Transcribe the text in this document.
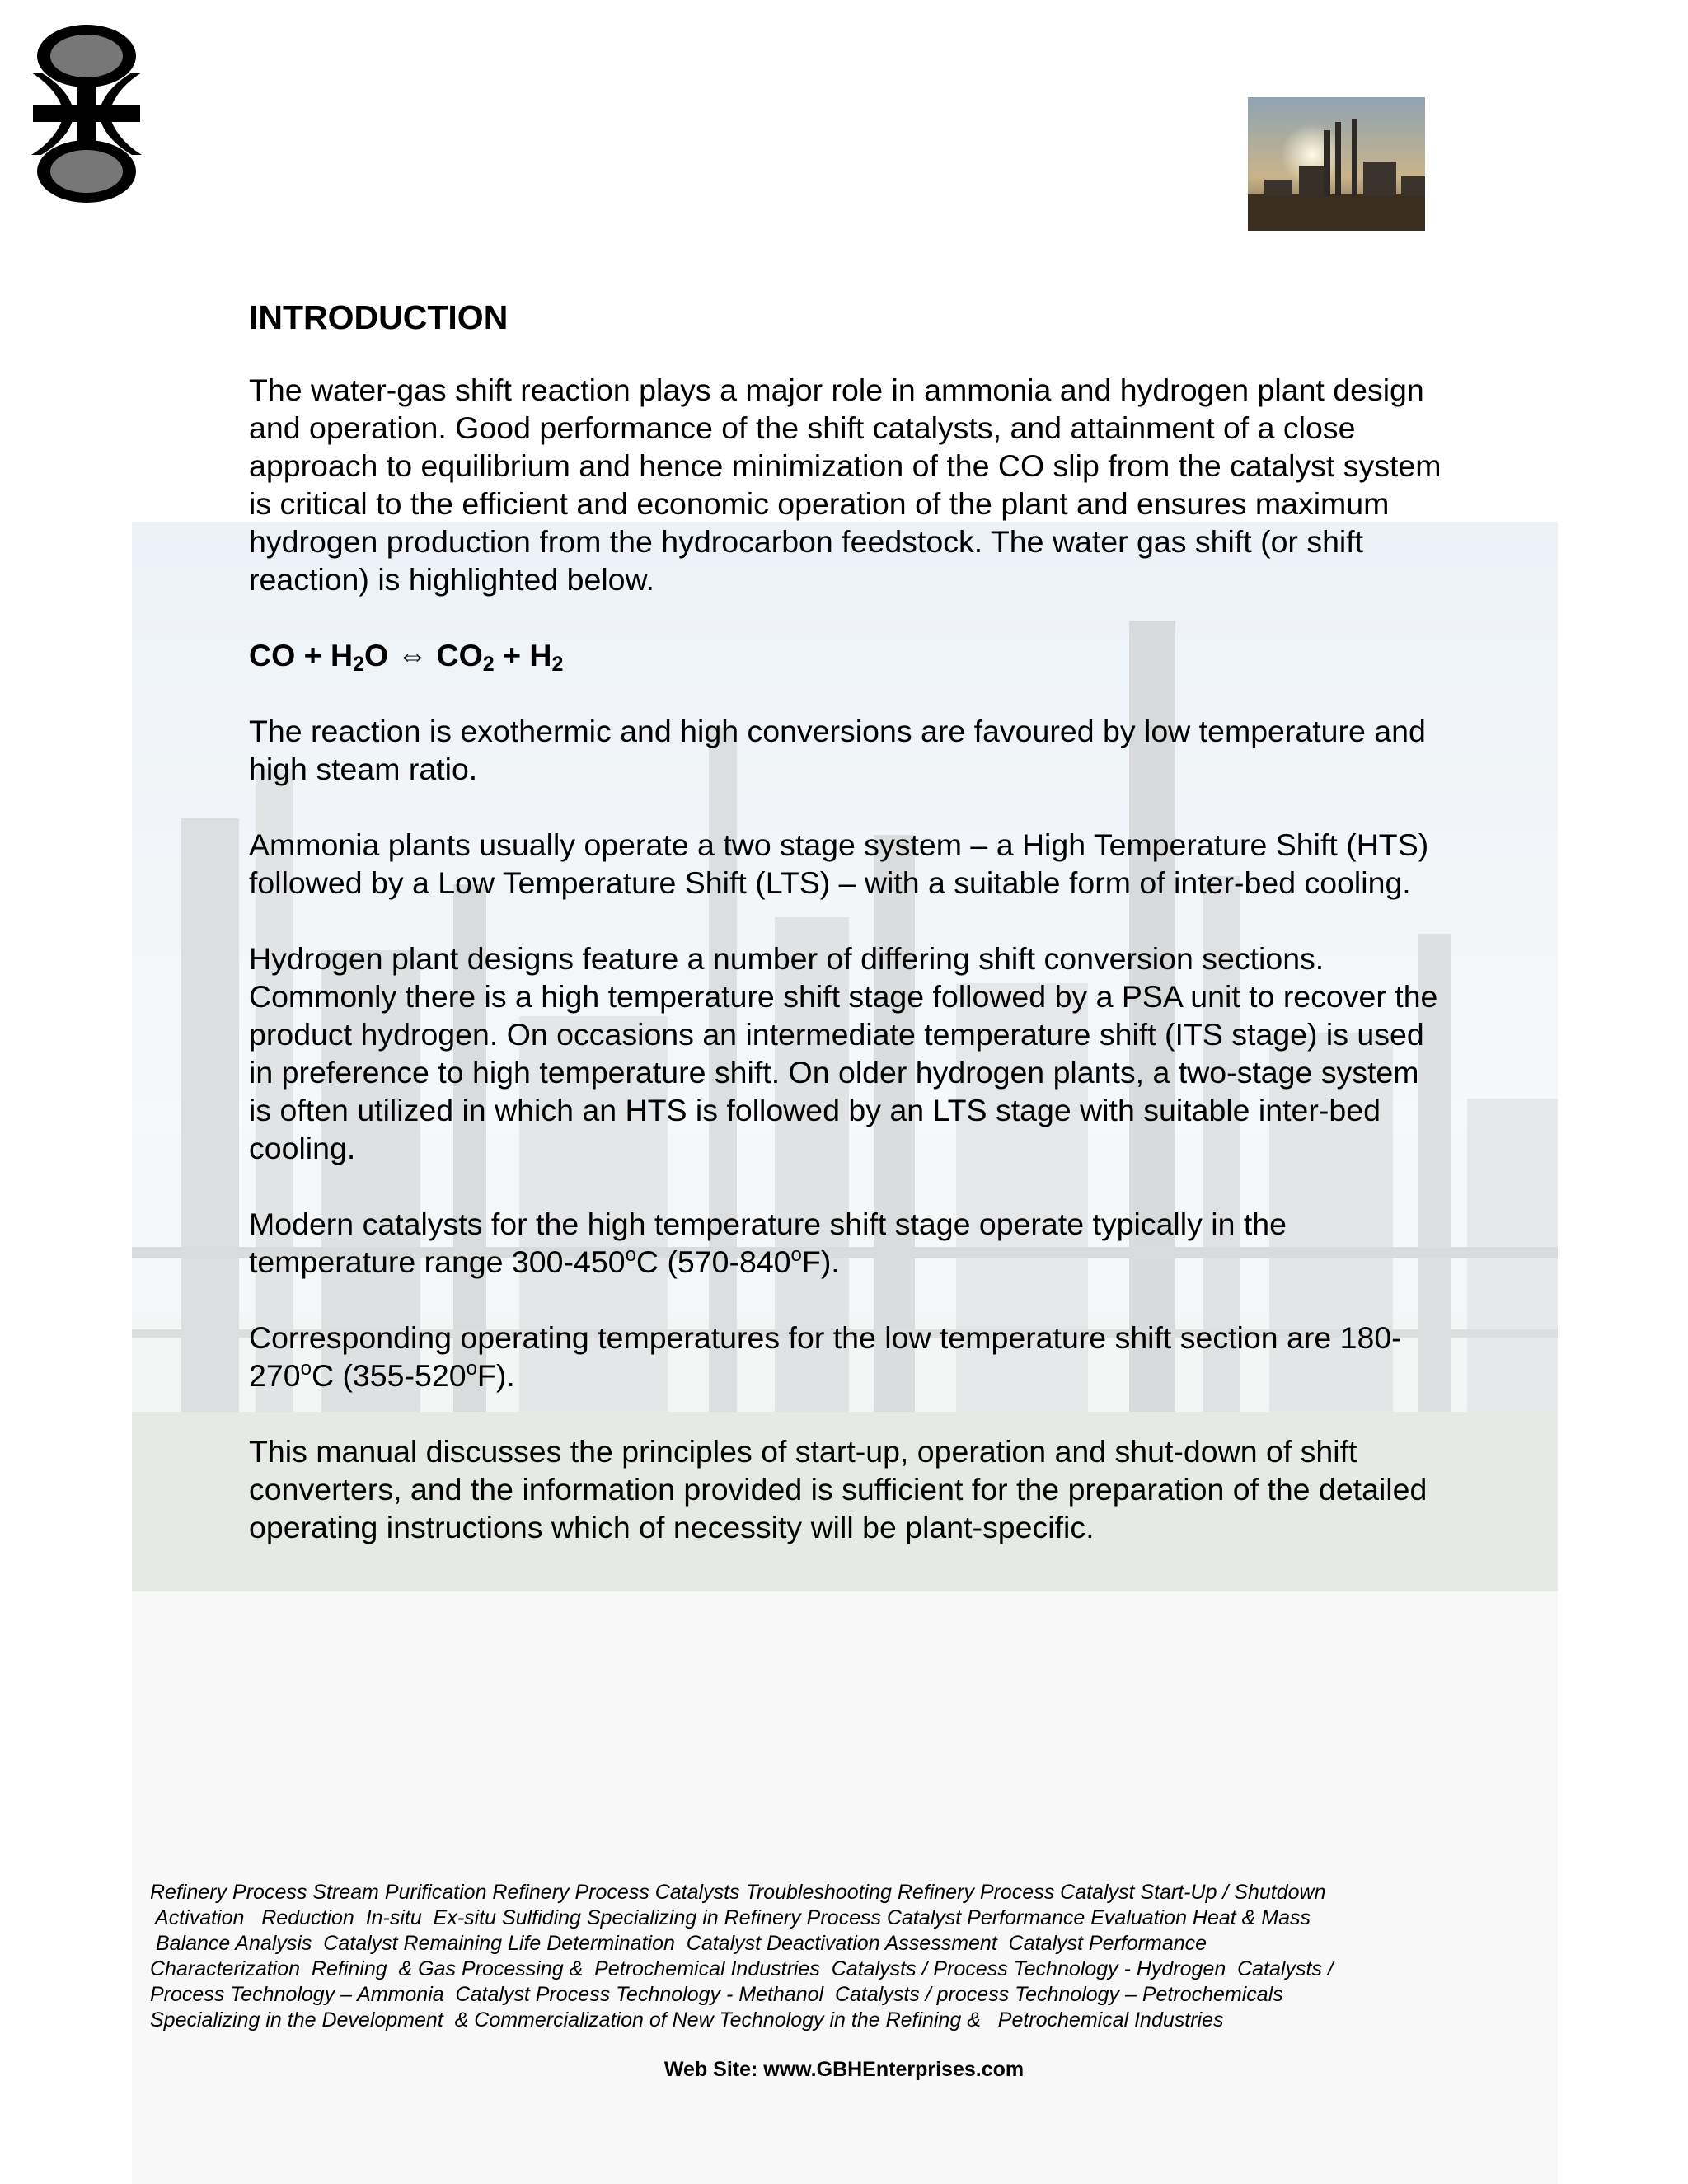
INTRODUCTION

The water-gas shift reaction plays a major role in ammonia and hydrogen plant design and operation. Good performance of the shift catalysts, and attainment of a close approach to equilibrium and hence minimization of the CO slip from the catalyst system is critical to the efficient and economic operation of the plant and ensures maximum hydrogen production from the hydrocarbon feedstock. The water gas shift (or shift reaction) is highlighted below.

CO + $H_2O$ ⇔ $CO_2 + H_2$

The reaction is exothermic and high conversions are favoured by low temperature and high steam ratio.

Ammonia plants usually operate a two stage system – a High Temperature Shift (HTS) followed by a Low Temperature Shift (LTS) – with a suitable form of inter-bed cooling.

Hydrogen plant designs feature a number of differing shift conversion sections. Commonly there is a high temperature shift stage followed by a PSA unit to recover the product hydrogen. On occasions an intermediate temperature shift (ITS stage) is used in preference to high temperature shift. On older hydrogen plants, a two-stage system is often utilized in which an HTS is followed by an LTS stage with suitable inter-bed cooling.

Modern catalysts for the high temperature shift stage operate typically in the temperature range 300-450$^o$C (570-840$^o$F).

Corresponding operating temperatures for the low temperature shift section are 180-270$^o$C (355-520$^o$F).

This manual discusses the principles of start-up, operation and shut-down of shift converters, and the information provided is sufficient for the preparation of the detailed operating instructions which of necessity will be plant-specific.

Refinery Process Stream Purification Refinery Process Catalysts Troubleshooting Refinery Process Catalyst Start-Up / Shutdown
Activation   Reduction  In-situ  Ex-situ Sulfiding Specializing in Refinery Process Catalyst Performance Evaluation Heat & Mass
Balance Analysis  Catalyst Remaining Life Determination  Catalyst Deactivation Assessment  Catalyst Performance
Characterization  Refining  & Gas Processing &  Petrochemical Industries  Catalysts / Process Technology - Hydrogen  Catalysts /
Process Technology – Ammonia  Catalyst Process Technology - Methanol  Catalysts / process Technology – Petrochemicals
Specializing in the Development  & Commercialization of New Technology in the Refining &   Petrochemical Industries
Web Site: www.GBHEnterprises.com
